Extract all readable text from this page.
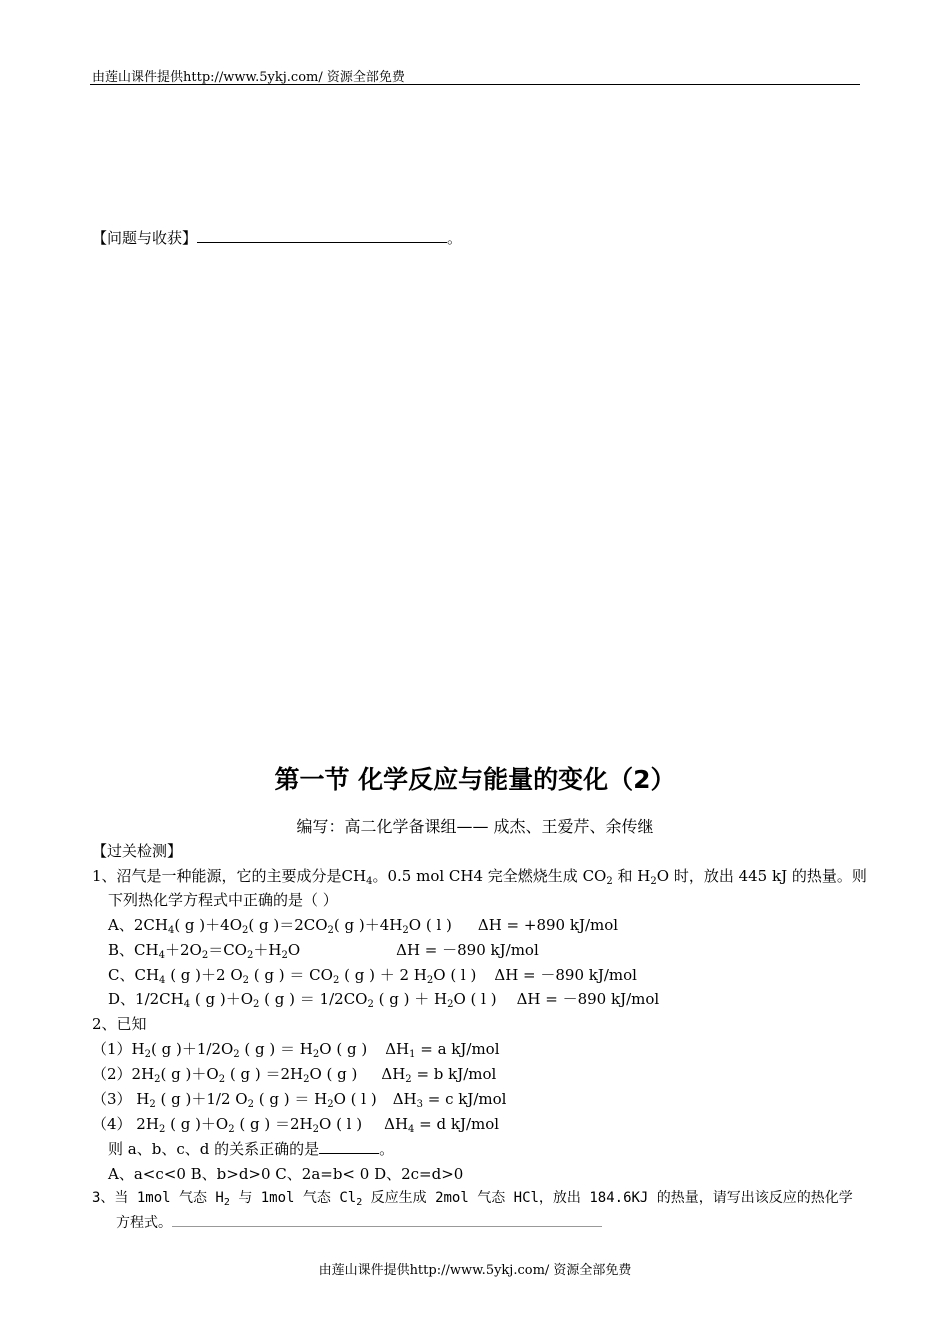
由莲山课件提供http://www.5ykj.com/ 资源全部免费
【问题与收获】	。
第一节 化学反应与能量的变化（2）
编写：高二化学备课组—— 成杰、王爱芹、余传继
【过关检测】
1、沼气是一种能源，它的主要成分是$CH_4$。0.5 mol CH4 完全燃烧生成 $CO_2$ 和 $H_2O$ 时，放出 445 kJ 的热量。则
下列热化学方程式中正确的是（ ）
A、$2CH_4$( g )$+4O_2$( g )$=2CO_2$( g )$+4H_2O$ ( l ) ΔH = +890 kJ/mol
B、$CH_4+2O_2=CO_2+H_2O$	ΔH = －890 kJ/mol
C、$CH_4$ ( g )＋2 $O_2$ ( g ) ＝ $CO_2$ ( g ) ＋ 2 $H_2O$ ( l ) ΔH = －890 kJ/mol
D、$1/2CH_4$ ( g )$+O_2$ ( g ) ＝ $1/2CO_2$ ( g ) ＋ $H_2O$ ( l ) ΔH = －890 kJ/mol
2、已知
$(1)H_2$( g )$+1/2O_2$ ( g ) ＝ $H_2O$ ( g ) $\Delta H_1 = a$ kJ/mol
$(2)2H_2$( g )$+O_2$ ( g ) $=2H_2O$ ( g ) $\Delta H_2 = b$ kJ/mol
（3） $H_2$ ( g )＋1/2 $O_2$ ( g ) ＝ $H_2O$ ( l ) $\Delta H_3 = c$ kJ/mol
（4） $2H_2$ ( g )$+O_2$ ( g ) $=2H_2O$ ( l ) $\Delta H_4 = d$ kJ/mol
则 a、b、c、d 的关系正确的是	。
A、a<c<0 B、b>d>0 C、2a=b< 0 D、2c=d>0
3、当 1mol 气态 $H_2$ 与 1mol 气态 $Cl_2$ 反应生成 2mol 气态 HCl，放出 184.6KJ 的热量，请写出该反应的热化学
方程式。
由莲山课件提供http://www.5ykj.com/ 资源全部免费
